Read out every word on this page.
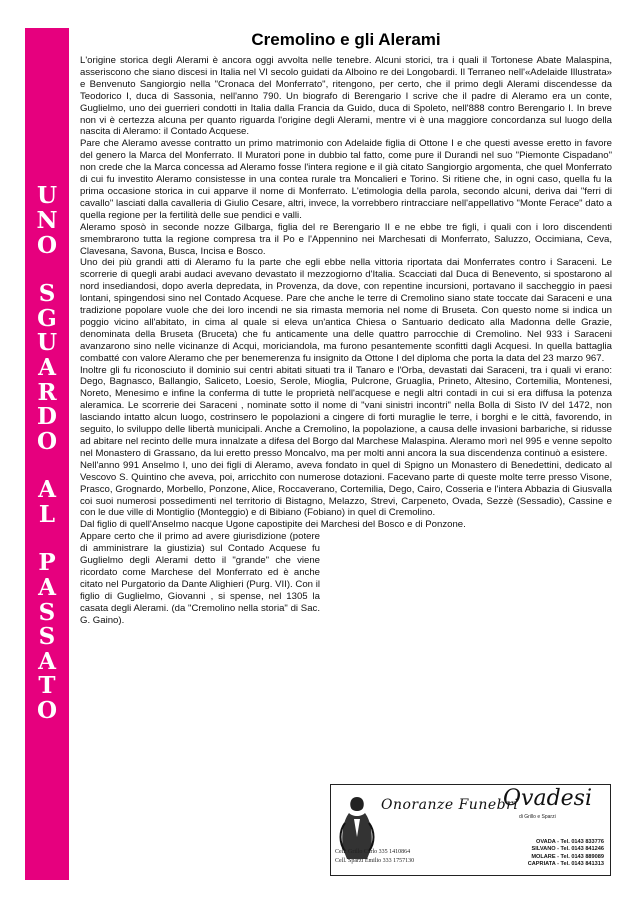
U
N
O
S
G
U
A
R
D
O
A
L
P
A
S
S
A
T
O
Cremolino e gli Alerami

L'origine storica degli Alerami è ancora oggi avvolta nelle tenebre. Alcuni storici, tra i quali il Tortonese Abate Malaspina, asseriscono che siano discesi in Italia nel VI secolo guidati da Alboino re dei Longobardi. Il Terraneo nell'«Adelaide Illustrata» e Benvenuto Sangiorgio nella "Cronaca del Monferrato", ritengono, per certo, che il primo degli Alerami discendesse da Teodorico I, duca di Sassonia, nell'anno 790. Un biografo di Berengario I scrive che il padre di Aleramo era un conte, Guglielmo, uno dei guerrieri condotti in Italia dalla Francia da Guido, duca di Spoleto, nell'888 contro Berengario I. In breve non vi è certezza alcuna per quanto riguarda l'origine degli Alerami, mentre vi è una maggiore concordanza sul luogo della nascita di Aleramo: il Contado Acquese.

Pare che Aleramo avesse contratto un primo matrimonio con Adelaide figlia di Ottone I e che questi avesse eretto in favore del genero la Marca del Monferrato. Il Muratori pone in dubbio tal fatto, come pure il Durandi nel suo "Piemonte Cispadano" non crede che la Marca concessa ad Aleramo fosse l'intera regione e il già citato Sangiorgio argomenta, che quel Monferrato di cui fu investito Aleramo consistesse in una contea rurale tra Moncalieri e Torino. Si ritiene che, in ogni caso, quella fu la prima occasione storica in cui apparve il nome di Monferrato. L'etimologia della parola, secondo alcuni, deriva dai "ferri di cavallo" lasciati dalla cavalleria di Giulio Cesare, altri, invece, la vorrebbero rintracciare nell'appellativo "Monte Ferace" dato a quella regione per la fertilità delle sue pendici e valli.

Aleramo sposò in seconde nozze Gilbarga, figlia del re Berengario II e ne ebbe tre figli, i quali con i loro discendenti smembrarono tutta la regione compresa tra il Po e l'Appennino nei Marchesati di Monferrato, Saluzzo, Occimiana, Ceva, Clavesana, Savona, Busca, Incisa e Bosco.

Uno dei più grandi atti di Aleramo fu la parte che egli ebbe nella vittoria riportata dai Monferrates contro i Saraceni. Le scorrerie di quegli arabi audaci avevano devastato il mezzogiorno d'Italia. Scacciati dal Duca di Benevento, si spostarono al nord insediandosi, dopo averla depredata, in Provenza, da dove, con repentine incursioni, portavano il saccheggio in paesi lontani, spingendosi sino nel Contado Acquese. Pare che anche le terre di Cremolino siano state toccate dai Saraceni e una tradizione popolare vuole che dei loro incendi ne sia rimasta memoria nel nome di Bruseta. Con questo nome si indica un poggio vicino all'abitato, in cima al quale si eleva un'antica Chiesa o Santuario dedicato alla Madonna delle Grazie, denominata della Bruseta (Bruceta) che fu anticamente una delle quattro parrocchie di Cremolino. Nel 933 i Saraceni avanzarono sino nelle vicinanze di Acqui, moriciandola, ma furono pesantemente sconfitti dagli Acquesi. In quella battaglia combatté con valore Aleramo che per benemerenza fu insignito da Ottone I del diploma che porta la data del 23 marzo 967.

Inoltre gli fu riconosciuto il dominio sui centri abitati situati tra il Tanaro e l'Orba, devastati dai Saraceni, tra i quali vi erano: Dego, Bagnasco, Ballangio, Saliceto, Loesio, Serole, Mioglia, Pulcrone, Gruaglia, Prineto, Altesino, Cortemilia, Montenesi, Noreto, Menesimo e infine la conferma di tutte le proprietà nell'acquese e negli altri contadi in cui si era diffusa la potenza aleramica. Le scorrerie dei Saraceni , nominate sotto il nome di "vani sinistri incontri" nella Bolla di Sisto IV del 1472, non lasciando intatto alcun luogo, costrinsero le popolazioni a cingere di forti muraglie le terre, i borghi e le città, favorendo, in seguito, lo sviluppo delle libertà municipali. Anche a Cremolino, la popolazione, a causa delle invasioni barbariche, si ridusse ad abitare nel recinto delle mura innalzate a difesa del Borgo dal Marchese Malaspina. Aleramo morì nel 995 e venne sepolto nel Monastero di Grassano, da lui eretto presso Moncalvo, ma per molti anni ancora la sua discendenza continuò a esistere.

Nell'anno 991 Anselmo I, uno dei figli di Aleramo, aveva fondato in quel di Spigno un Monastero di Benedettini, dedicato al Vescovo S. Quintino che aveva, poi, arricchito con numerose dotazioni. Facevano parte di queste molte terre presso Visone, Prasco, Grognardo, Morbello, Ponzone, Alice, Roccaverano, Cortemilia, Dego, Cairo, Cosseria e l'intera Abbazia di Giusvalla coi suoi numerosi possedimenti nel territorio di Bistagno, Melazzo, Strevi, Carpeneto, Ovada, Sezzè (Sessadio), Cassine e con le due ville di Montiglio (Monteggio) e di Bibiano (Fobiano) in quel di Cremolino.

Dal figlio di quell'Anselmo nacque Ugone capostipite dei Marchesi del Bosco e di Ponzone.

Appare certo che il primo ad avere giurisdizione (potere di amministrare la giustizia) sul Contado Acquese fu Guglielmo degli Alerami detto il "grande" che viene ricordato come Marchese del Monferrato ed è anche citato nel Purgatorio da Dante Alighieri (Purg. VII). Con il figlio di Guglielmo, Giovanni , si spense, nel 1305 la casata degli Alerami. (da "Cremolino nella storia" di Sac. G. Gaino).

Onoranze Funebri
Ovadesi
di Grillo e Sparzi
Cell. Grillo Carlo 335 1410864
Cell. Sparzi Emilio 333 1757130
OVADA - Tel. 0143 833776
SILVANO - Tel. 0143 841246
MOLARE - Tel. 0143 889089
CAPRIATA - Tel. 0143 841313
